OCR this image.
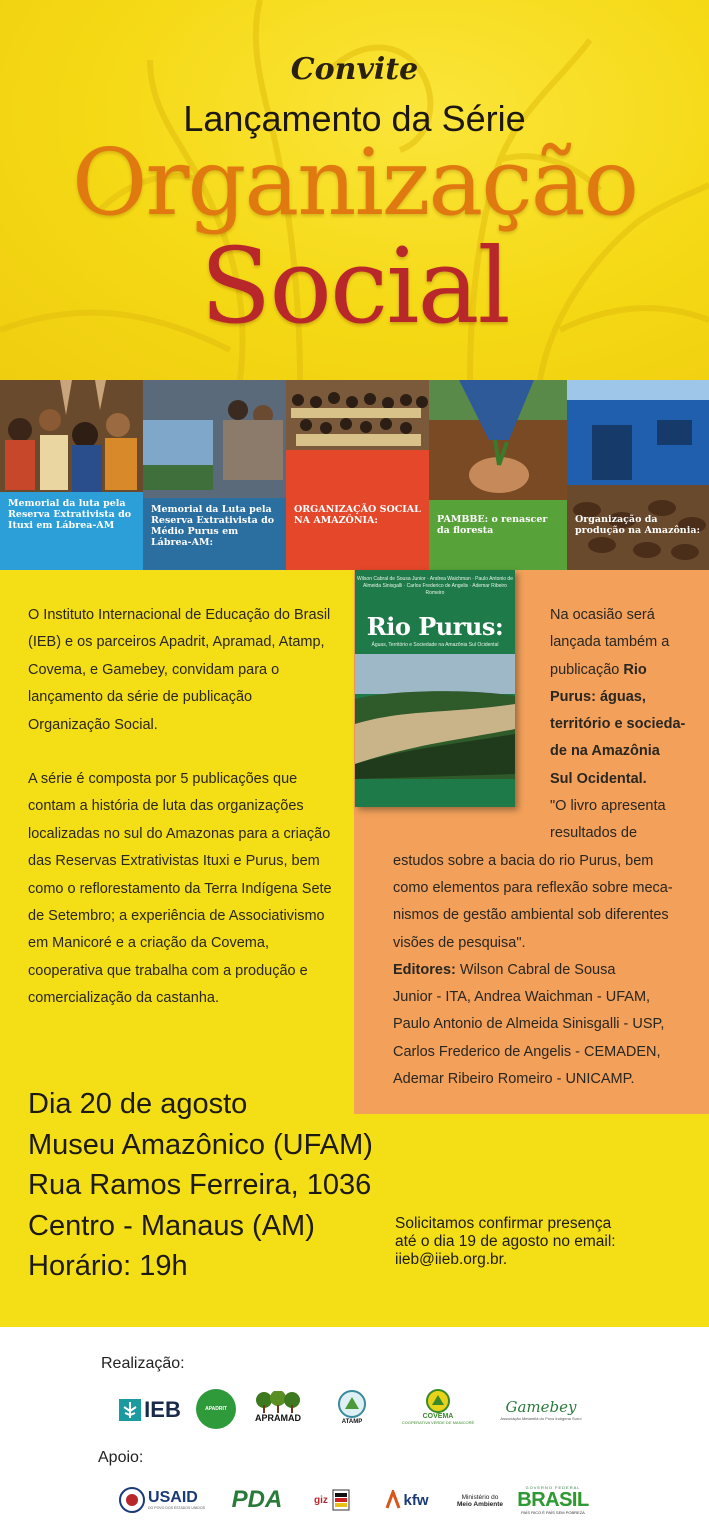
Convite
Lançamento da Série
Organização
Social
Memorial da luta pela Reserva Extrativista do Ituxi em Lábrea-AM
Memorial da Luta pela Reserva Extrativista do Médio Purus em Lábrea-AM:
ORGANIZAÇÃO SOCIAL NA AMAZÔNIA:	PAMBBE: o renascer da floresta
Organização da produção na Amazônia:

O Instituto Internacional de Educação do Brasil (IEB) e os parceiros Apadrit, Apramad, Atamp, Covema, e Gamebey, convidam para o lançamento da série de publicação Organização Social.

A série é composta por 5 publicações que contam a história de luta das organizações localizadas no sul do Amazonas para a criação das Reservas Extrativistas Ituxi e Purus, bem como o reflorestamento da Terra Indígena Sete de Setembro; a experiência de Associativismo em Manicoré e a criação da Covema, cooperativa que trabalha com a produção e comercialização da castanha.

Wilson Cabral de Sousa Junior · Andrea Waichman · Paulo Antonio de Almeida Sinisgalli · Carlos Frederico de Angelis · Ademar Ribeiro Romeiro
Rio Purus:
Águas, Território e Sociedade na Amazônia Sul Ocidental
Na ocasião será
lançada também a
publicação Rio
Purus: águas,
território e socieda-
de na Amazônia
Sul Ocidental.
"O livro apresenta
resultados de
estudos sobre a bacia do rio Purus, bem
como elementos para reflexão sobre meca-
nismos de gestão ambiental sob diferentes
visões de pesquisa".
Editores: Wilson Cabral de Sousa
Junior - ITA, Andrea Waichman - UFAM,
Paulo Antonio de Almeida Sinisgalli - USP,
Carlos Frederico de Angelis - CEMADEN,
Ademar Ribeiro Romeiro - UNICAMP.
Dia 20 de agosto
Museu Amazônico (UFAM)
Rua Ramos Ferreira, 1036
Centro - Manaus (AM)
Horário: 19h
Solicitamos confirmar presença
até o dia 19 de agosto no email:
iieb@iieb.org.br.
Realização:
IEB	APADRIT
APRAMAD	ATAMP
COVEMA
COOPERATIVA VERDE DE MANICORÉ
Gamebey
Associação Metareilá do Povo Indígena Suruí
Apoio:
USAID
DO POVO DOS ESTADOS UNIDOS PDA	giz	kfw	Ministério do
Meio Ambiente
GOVERNO FEDERAL
BRASIL
PAÍS RICO É PAÍS SEM POBREZA
